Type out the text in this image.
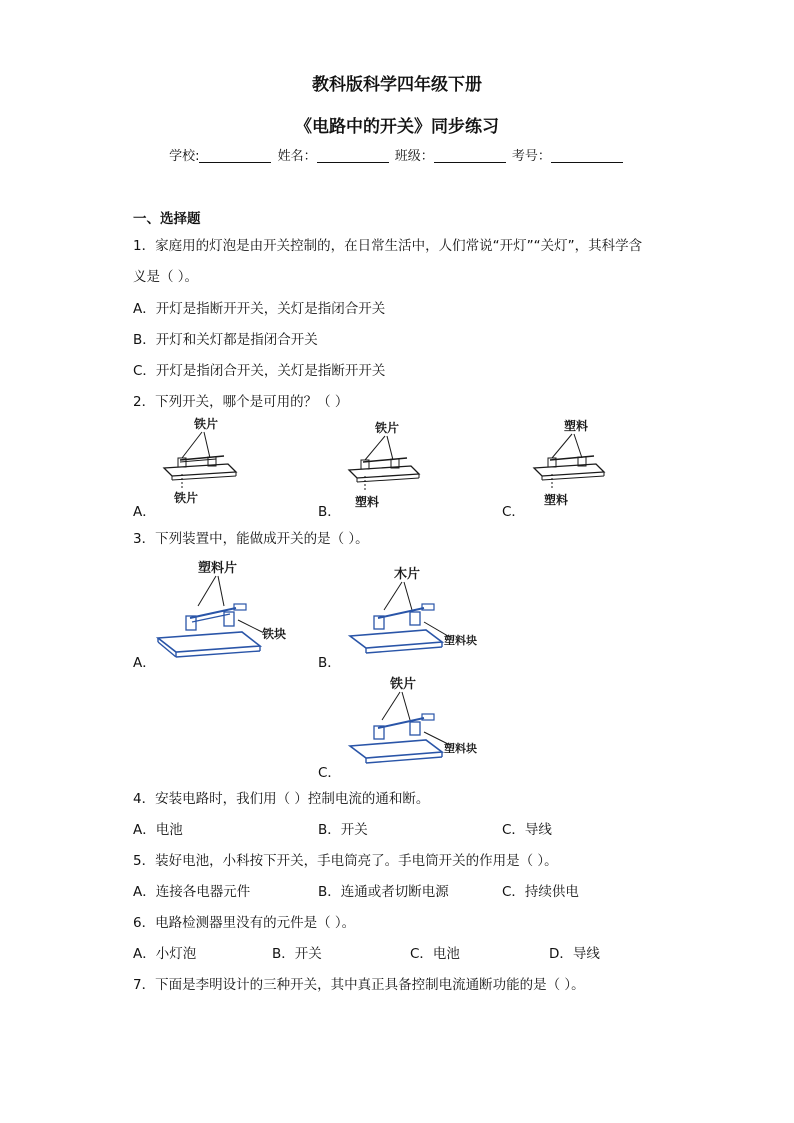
教科版科学四年级下册
《电路中的开关》同步练习
学校:	姓名：	班级：	考号：
一、选择题
1．家庭用的灯泡是由开关控制的，在日常生活中，人们常说“开灯”“关灯”，其科学含
义是（ ）。
A．开灯是指断开开关，关灯是指闭合开关
B．开灯和关灯都是指闭合开关
C．开灯是指闭合开关，关灯是指断开开关
2．下列开关，哪个是可用的？（ ）
A．
铁片
铁片
B．
铁片
塑料
C．
塑料
塑料
3．下列装置中，能做成开关的是（ ）。
A．
塑料片
铁块
B．
木片
塑料块
C．
铁片
塑料块
4．安装电路时，我们用（ ）控制电流的通和断。
A．电池	B．开关	C．导线
5．装好电池，小科按下开关，手电筒亮了。手电筒开关的作用是（ ）。
A．连接各电器元件	B．连通或者切断电源	C．持续供电
6．电路检测器里没有的元件是（ ）。
A．小灯泡	B．开关	C．电池	D．导线
7．下面是李明设计的三种开关，其中真正具备控制电流通断功能的是（ ）。
